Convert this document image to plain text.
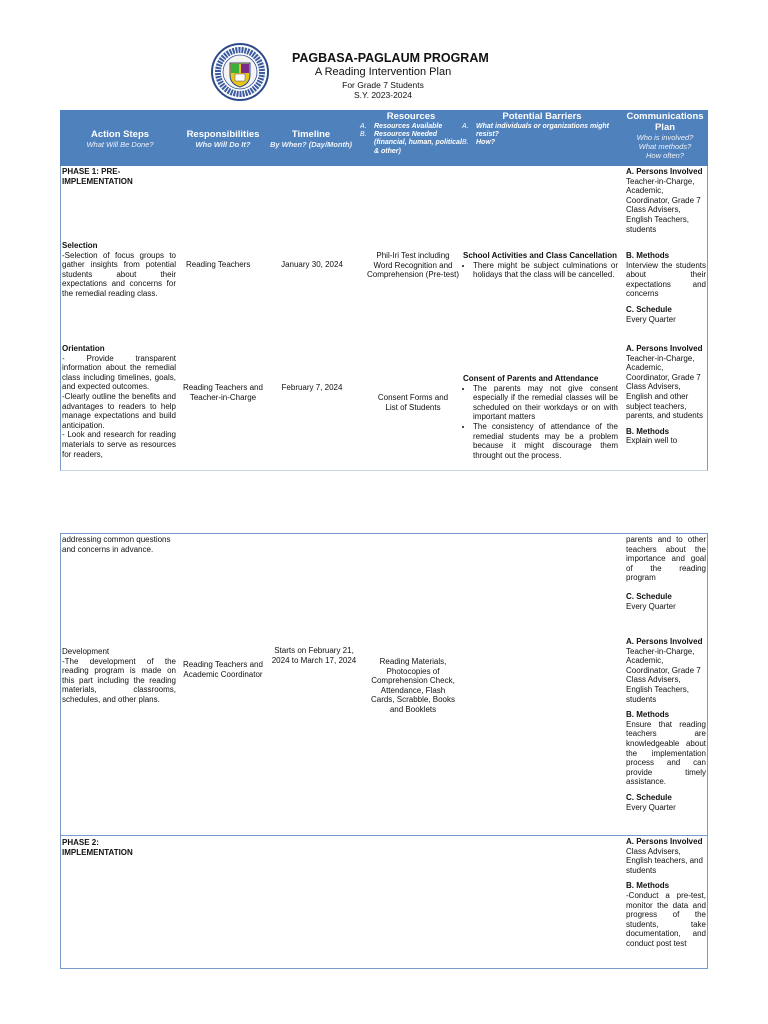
PAGBASA-PAGLAUM PROGRAM
A Reading Intervention Plan
For Grade 7 Students
S.Y. 2023-2024
Action Steps
What Will Be Done?
Responsibilities
Who Will Do It?
Timeline
By When? (Day/Month)
Resources
A. Resources Available
B. Resources Needed (financial, human, political & other)
Potential Barriers
A. What individuals or organizations might resist?
B. How?
Communications Plan
Who is involved?
What methods?
How often?
PHASE 1: PRE-IMPLEMENTATION

A. Persons Involved
Teacher-in-Charge, Academic, Coordinator, Grade 7 Class Advisers, English Teachers, students

Selection
-Selection of focus groups to gather insights from potential students about their expectations and concerns for the remedial reading class.
Reading Teachers	January 30, 2024
Phil-Iri Test including Word Recognition and Comprehension (Pre-test)
School Activities and Class Cancellation
• There might be subject culminations or holidays that the class will be cancelled.

B. Methods
Interview the students about their expectations and concerns

C. Schedule
Every Quarter

Orientation
- Provide transparent information about the remedial class including timelines, goals, and expected outcomes.
-Clearly outline the benefits and advantages to readers to help manage expectations and build anticipation.
- Look and research for reading materials to serve as resources for readers,
Reading Teachers and Teacher-in-Charge
February 7, 2024
Consent Forms and List of Students
Consent of Parents and Attendance
• The parents may not give consent especially if the remedial classes will be scheduled on their workdays or on with important matters
• The consistency of attendance of the remedial students may be a problem because it might discourage them throught out the process.

A. Persons Involved
Teacher-in-Charge, Academic, Coordinator, Grade 7 Class Advisers, English and other subject teachers, parents, and students

B. Methods
Explain well to

addressing common questions and concerns in advance.

parents and to other teachers about the importance and goal of the reading program

C. Schedule
Every Quarter

Development
-The development of the reading program is made on this part including the reading materials, classrooms, schedules, and other plans.
Reading Teachers and Academic Coordinator
Starts on February 21, 2024 to March 17, 2024	Reading Materials, Photocopies of Comprehension Check, Attendance, Flash Cards, Scrabble, Books and Booklets

A. Persons Involved
Teacher-in-Charge, Academic, Coordinator, Grade 7 Class Advisers, English Teachers, students

B. Methods
Ensure that reading teachers are knowledgeable about the implementation process and can provide timely assistance.

C. Schedule
Every Quarter

PHASE 2: IMPLEMENTATION

A. Persons Involved
Class Advisers, English teachers, and students

B. Methods
-Conduct a pre-test, monitor the data and progress of the students, take documentation, and conduct post test
